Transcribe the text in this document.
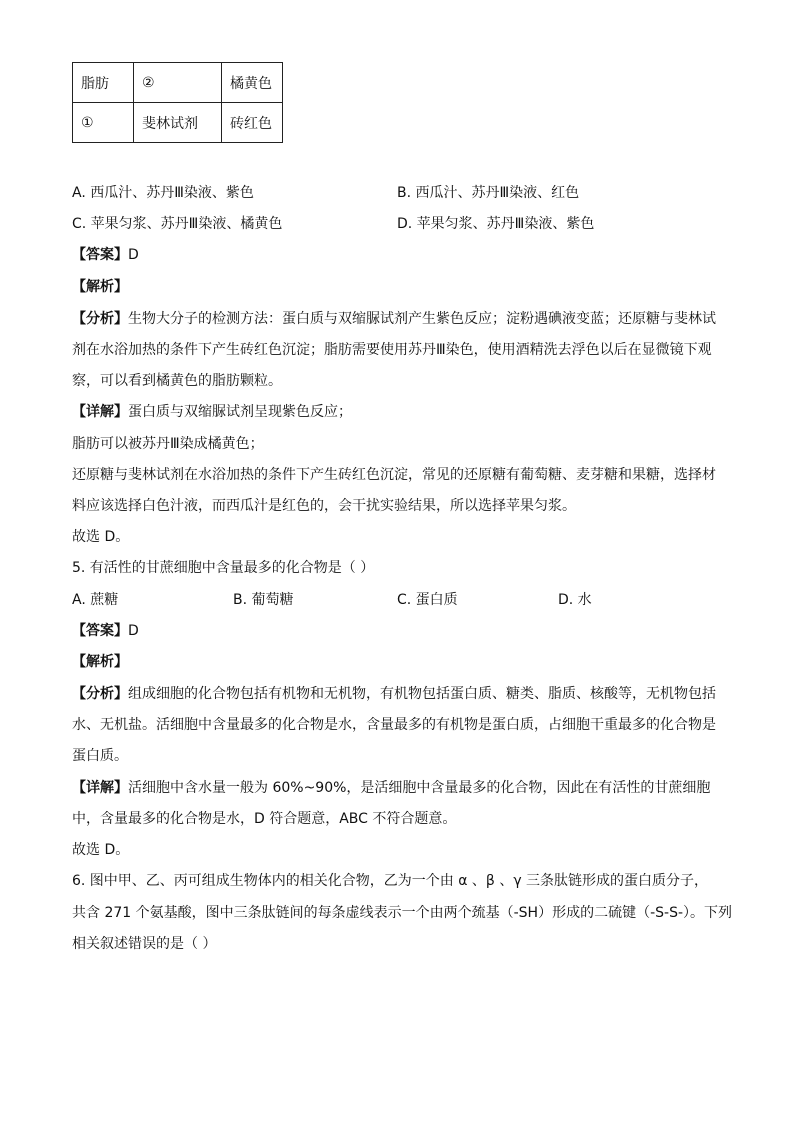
脂肪	②	橘黄色
①	斐林试剂	砖红色
A. 西瓜汁、苏丹Ⅲ染液、紫色	B. 西瓜汁、苏丹Ⅲ染液、红色
C. 苹果匀浆、苏丹Ⅲ染液、橘黄色	D. 苹果匀浆、苏丹Ⅲ染液、紫色
【答案】D
【解析】
【分析】生物大分子的检测方法：蛋白质与双缩脲试剂产生紫色反应；淀粉遇碘液变蓝；还原糖与斐林试
剂在水浴加热的条件下产生砖红色沉淀；脂肪需要使用苏丹Ⅲ染色，使用酒精洗去浮色以后在显微镜下观
察，可以看到橘黄色的脂肪颗粒。
【详解】蛋白质与双缩脲试剂呈现紫色反应；
脂肪可以被苏丹Ⅲ染成橘黄色；
还原糖与斐林试剂在水浴加热的条件下产生砖红色沉淀，常见的还原糖有葡萄糖、麦芽糖和果糖，选择材
料应该选择白色汁液，而西瓜汁是红色的，会干扰实验结果，所以选择苹果匀浆。
故选 D。
5. 有活性的甘蔗细胞中含量最多的化合物是（ ）
A. 蔗糖	B. 葡萄糖	C. 蛋白质	D. 水
【答案】D
【解析】
【分析】组成细胞的化合物包括有机物和无机物，有机物包括蛋白质、糖类、脂质、核酸等，无机物包括
水、无机盐。活细胞中含量最多的化合物是水，含量最多的有机物是蛋白质，占细胞干重最多的化合物是
蛋白质。
【详解】活细胞中含水量一般为 60%~90%，是活细胞中含量最多的化合物，因此在有活性的甘蔗细胞
中，含量最多的化合物是水，D 符合题意，ABC 不符合题意。
故选 D。
6. 图中甲、乙、丙可组成生物体内的相关化合物，乙为一个由 α 、β 、γ 三条肽链形成的蛋白质分子，
共含 271 个氨基酸，图中三条肽链间的每条虚线表示一个由两个巯基（-SH）形成的二硫键（-S-S-）。下列
相关叙述错误的是（ ）
